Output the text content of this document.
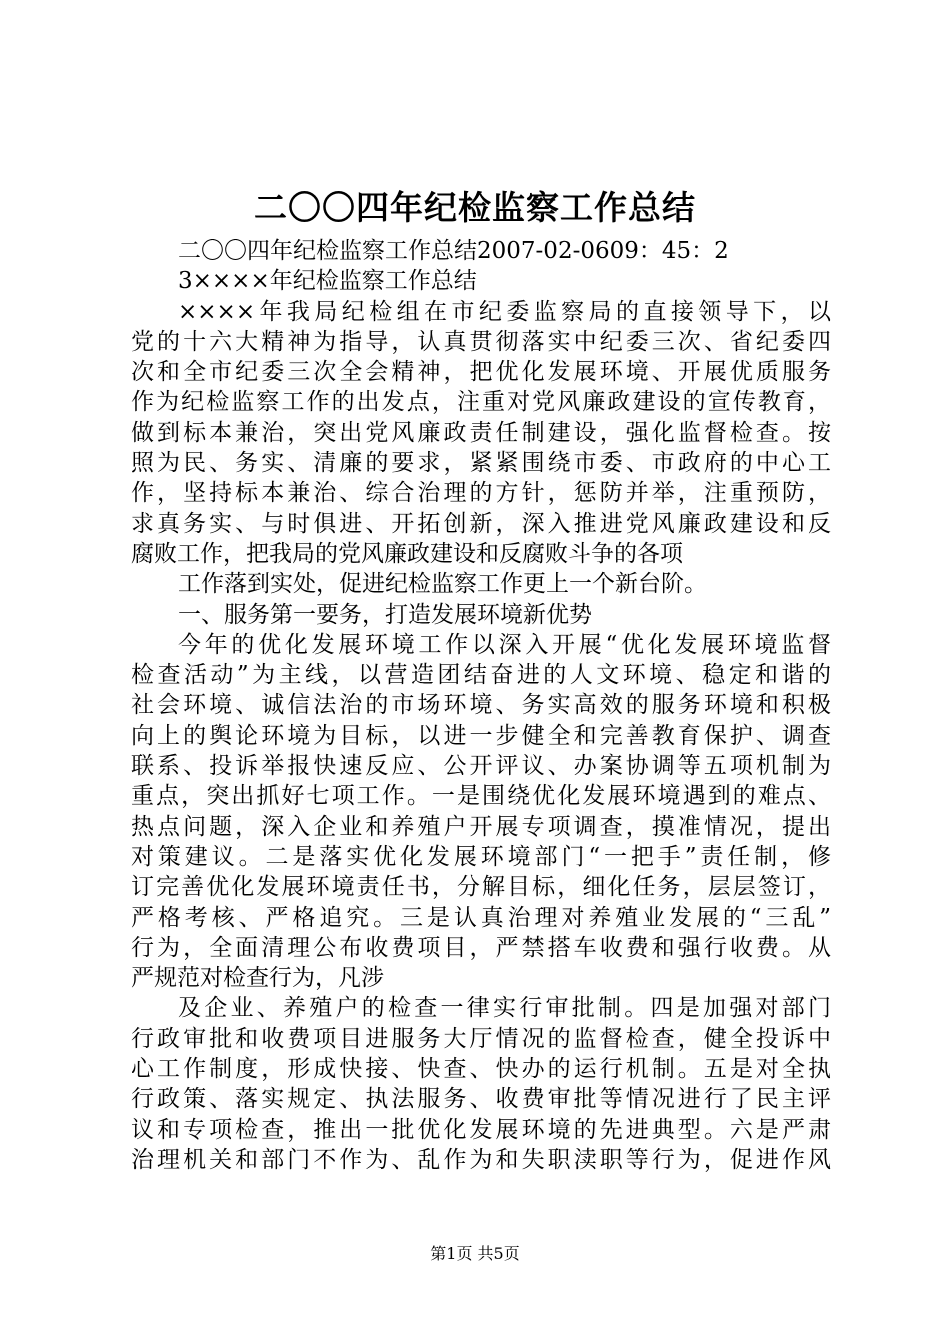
二〇〇四年纪检监察工作总结
二〇〇四年纪检监察工作总结2007-02-0609：45：2
3××××年纪检监察工作总结
××××年我局纪检组在市纪委监察局的直接领导下，以
党的十六大精神为指导，认真贯彻落实中纪委三次、省纪委四
次和全市纪委三次全会精神，把优化发展环境、开展优质服务
作为纪检监察工作的出发点，注重对党风廉政建设的宣传教育，
做到标本兼治，突出党风廉政责任制建设，强化监督检查。按
照为民、务实、清廉的要求，紧紧围绕市委、市政府的中心工
作，坚持标本兼治、综合治理的方针，惩防并举，注重预防，
求真务实、与时俱进、开拓创新，深入推进党风廉政建设和反
腐败工作，把我局的党风廉政建设和反腐败斗争的各项
工作落到实处，促进纪检监察工作更上一个新台阶。
一、服务第一要务，打造发展环境新优势
今年的优化发展环境工作以深入开展“优化发展环境监督
检查活动”为主线，以营造团结奋进的人文环境、稳定和谐的
社会环境、诚信法治的市场环境、务实高效的服务环境和积极
向上的舆论环境为目标，以进一步健全和完善教育保护、调查
联系、投诉举报快速反应、公开评议、办案协调等五项机制为
重点，突出抓好七项工作。一是围绕优化发展环境遇到的难点、
热点问题，深入企业和养殖户开展专项调查，摸准情况，提出
对策建议。二是落实优化发展环境部门“一把手”责任制，修
订完善优化发展环境责任书，分解目标，细化任务，层层签订，
严格考核、严格追究。三是认真治理对养殖业发展的“三乱”
行为，全面清理公布收费项目，严禁搭车收费和强行收费。从
严规范对检查行为，凡涉
及企业、养殖户的检查一律实行审批制。四是加强对部门
行政审批和收费项目进服务大厅情况的监督检查，健全投诉中
心工作制度，形成快接、快查、快办的运行机制。五是对全执
行政策、落实规定、执法服务、收费审批等情况进行了民主评
议和专项检查，推出一批优化发展环境的先进典型。六是严肃
治理机关和部门不作为、乱作为和失职渎职等行为，促进作风
第1页 共5页
